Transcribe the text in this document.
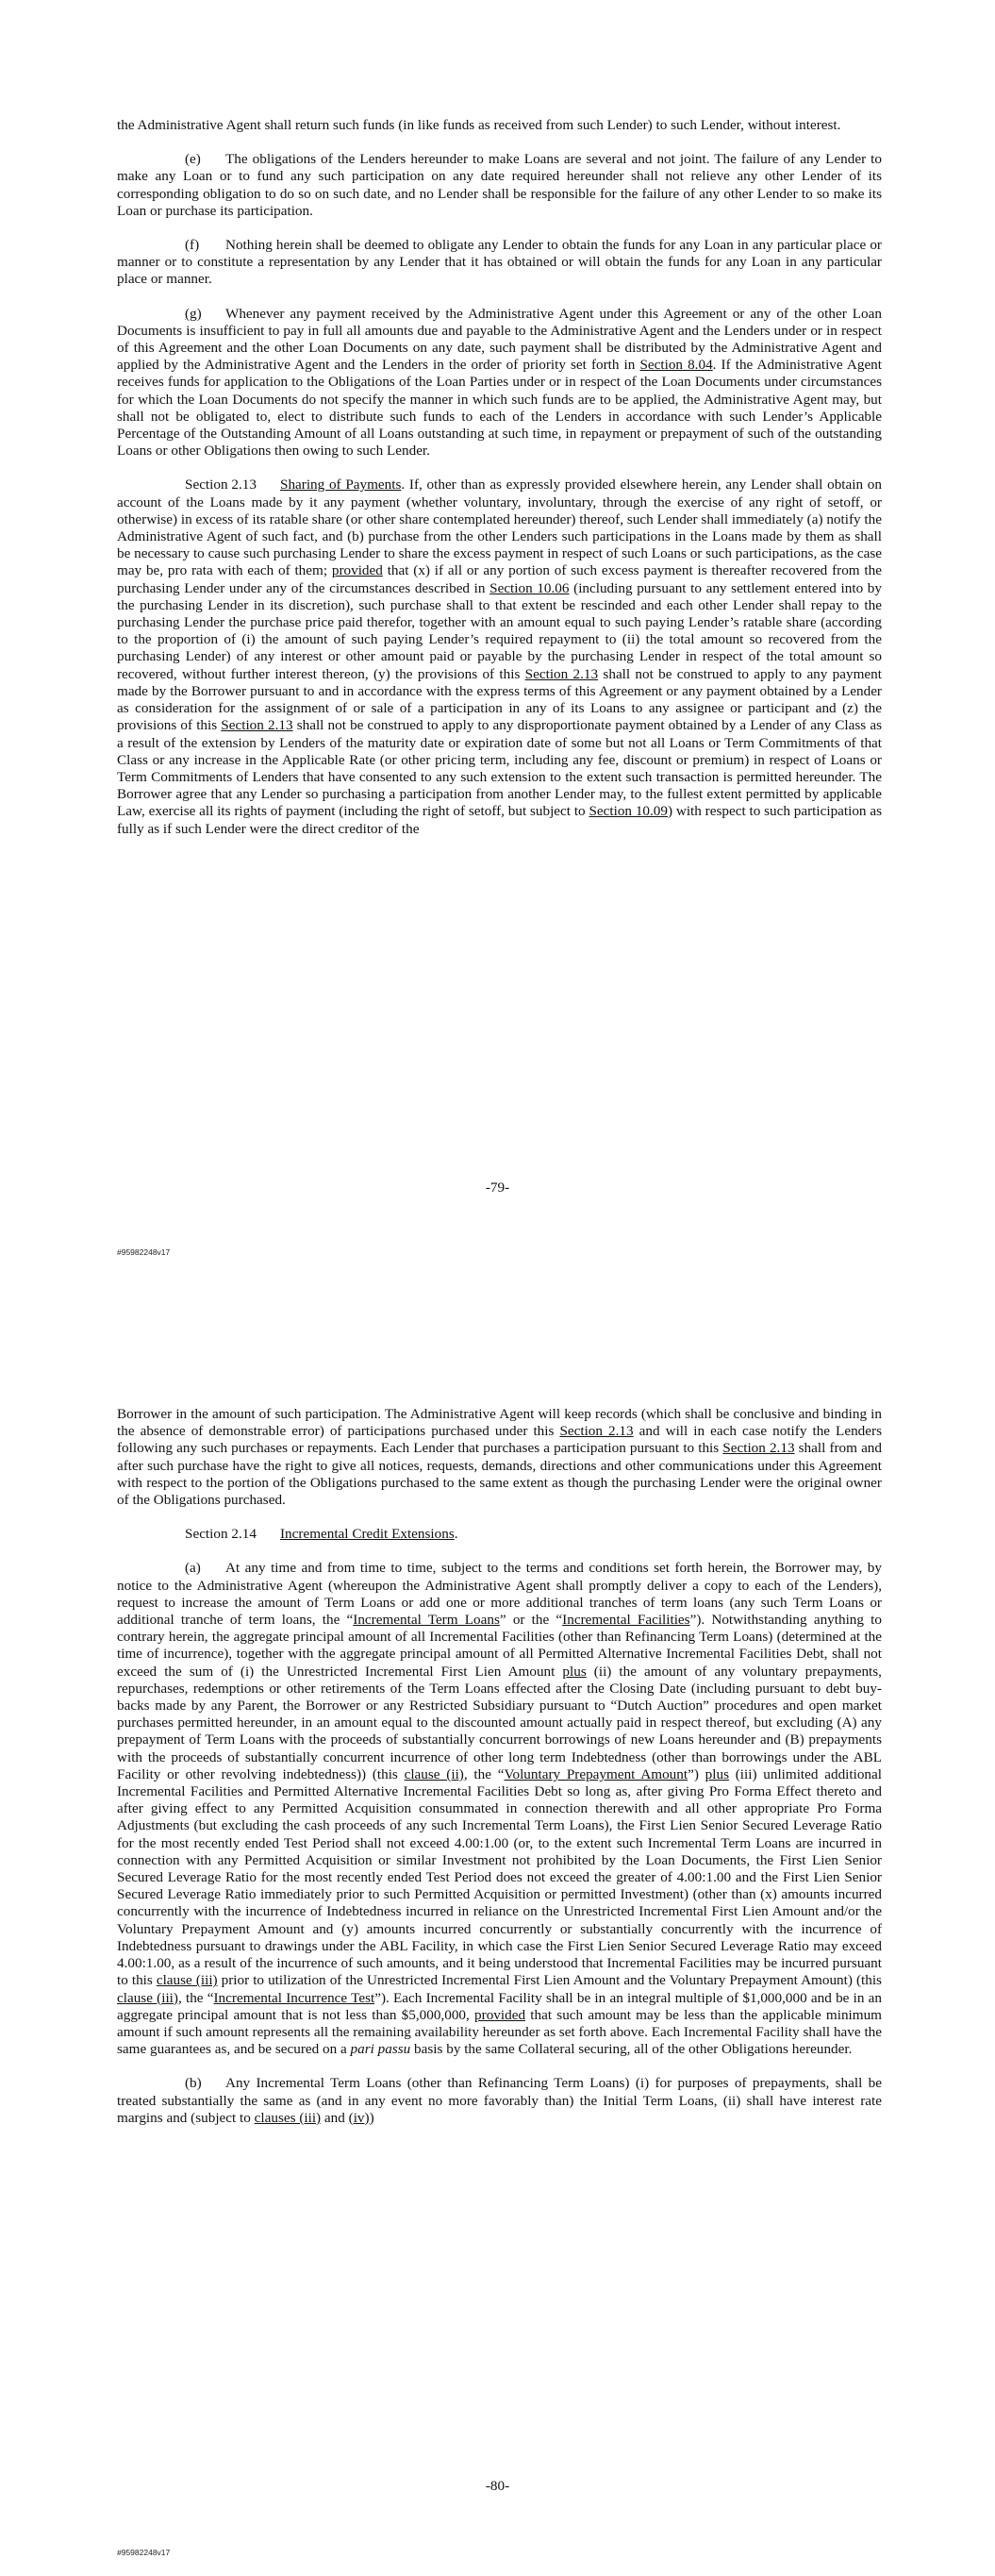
the Administrative Agent shall return such funds (in like funds as received from such Lender) to such Lender, without interest.

(e) The obligations of the Lenders hereunder to make Loans are several and not joint. The failure of any Lender to make any Loan or to fund any such participation on any date required hereunder shall not relieve any other Lender of its corresponding obligation to do so on such date, and no Lender shall be responsible for the failure of any other Lender to so make its Loan or purchase its participation.

(f) Nothing herein shall be deemed to obligate any Lender to obtain the funds for any Loan in any particular place or manner or to constitute a representation by any Lender that it has obtained or will obtain the funds for any Loan in any particular place or manner.

(g) Whenever any payment received by the Administrative Agent under this Agreement or any of the other Loan Documents is insufficient to pay in full all amounts due and payable to the Administrative Agent and the Lenders under or in respect of this Agreement and the other Loan Documents on any date, such payment shall be distributed by the Administrative Agent and applied by the Administrative Agent and the Lenders in the order of priority set forth in Section 8.04. If the Administrative Agent receives funds for application to the Obligations of the Loan Parties under or in respect of the Loan Documents under circumstances for which the Loan Documents do not specify the manner in which such funds are to be applied, the Administrative Agent may, but shall not be obligated to, elect to distribute such funds to each of the Lenders in accordance with such Lender’s Applicable Percentage of the Outstanding Amount of all Loans outstanding at such time, in repayment or prepayment of such of the outstanding Loans or other Obligations then owing to such Lender.

Section 2.13 Sharing of Payments. If, other than as expressly provided elsewhere herein, any Lender shall obtain on account of the Loans made by it any payment (whether voluntary, involuntary, through the exercise of any right of setoff, or otherwise) in excess of its ratable share (or other share contemplated hereunder) thereof, such Lender shall immediately (a) notify the Administrative Agent of such fact, and (b) purchase from the other Lenders such participations in the Loans made by them as shall be necessary to cause such purchasing Lender to share the excess payment in respect of such Loans or such participations, as the case may be, pro rata with each of them; provided that (x) if all or any portion of such excess payment is thereafter recovered from the purchasing Lender under any of the circumstances described in Section 10.06 (including pursuant to any settlement entered into by the purchasing Lender in its discretion), such purchase shall to that extent be rescinded and each other Lender shall repay to the purchasing Lender the purchase price paid therefor, together with an amount equal to such paying Lender’s ratable share (according to the proportion of (i) the amount of such paying Lender’s required repayment to (ii) the total amount so recovered from the purchasing Lender) of any interest or other amount paid or payable by the purchasing Lender in respect of the total amount so recovered, without further interest thereon, (y) the provisions of this Section 2.13 shall not be construed to apply to any payment made by the Borrower pursuant to and in accordance with the express terms of this Agreement or any payment obtained by a Lender as consideration for the assignment of or sale of a participation in any of its Loans to any assignee or participant and (z) the provisions of this Section 2.13 shall not be construed to apply to any disproportionate payment obtained by a Lender of any Class as a result of the extension by Lenders of the maturity date or expiration date of some but not all Loans or Term Commitments of that Class or any increase in the Applicable Rate (or other pricing term, including any fee, discount or premium) in respect of Loans or Term Commitments of Lenders that have consented to any such extension to the extent such transaction is permitted hereunder. The Borrower agree that any Lender so purchasing a participation from another Lender may, to the fullest extent permitted by applicable Law, exercise all its rights of payment (including the right of setoff, but subject to Section 10.09) with respect to such participation as fully as if such Lender were the direct creditor of the

-79-
#95982248v17

Borrower in the amount of such participation. The Administrative Agent will keep records (which shall be conclusive and binding in the absence of demonstrable error) of participations purchased under this Section 2.13 and will in each case notify the Lenders following any such purchases or repayments. Each Lender that purchases a participation pursuant to this Section 2.13 shall from and after such purchase have the right to give all notices, requests, demands, directions and other communications under this Agreement with respect to the portion of the Obligations purchased to the same extent as though the purchasing Lender were the original owner of the Obligations purchased.

Section 2.14 Incremental Credit Extensions.

(a) At any time and from time to time, subject to the terms and conditions set forth herein, the Borrower may, by notice to the Administrative Agent (whereupon the Administrative Agent shall promptly deliver a copy to each of the Lenders), request to increase the amount of Term Loans or add one or more additional tranches of term loans (any such Term Loans or additional tranche of term loans, the “Incremental Term Loans” or the “Incremental Facilities”). Notwithstanding anything to contrary herein, the aggregate principal amount of all Incremental Facilities (other than Refinancing Term Loans) (determined at the time of incurrence), together with the aggregate principal amount of all Permitted Alternative Incremental Facilities Debt, shall not exceed the sum of (i) the Unrestricted Incremental First Lien Amount plus (ii) the amount of any voluntary prepayments, repurchases, redemptions or other retirements of the Term Loans effected after the Closing Date (including pursuant to debt buy-backs made by any Parent, the Borrower or any Restricted Subsidiary pursuant to “Dutch Auction” procedures and open market purchases permitted hereunder, in an amount equal to the discounted amount actually paid in respect thereof, but excluding (A) any prepayment of Term Loans with the proceeds of substantially concurrent borrowings of new Loans hereunder and (B) prepayments with the proceeds of substantially concurrent incurrence of other long term Indebtedness (other than borrowings under the ABL Facility or other revolving indebtedness)) (this clause (ii), the “Voluntary Prepayment Amount”) plus (iii) unlimited additional Incremental Facilities and Permitted Alternative Incremental Facilities Debt so long as, after giving Pro Forma Effect thereto and after giving effect to any Permitted Acquisition consummated in connection therewith and all other appropriate Pro Forma Adjustments (but excluding the cash proceeds of any such Incremental Term Loans), the First Lien Senior Secured Leverage Ratio for the most recently ended Test Period shall not exceed 4.00:1.00 (or, to the extent such Incremental Term Loans are incurred in connection with any Permitted Acquisition or similar Investment not prohibited by the Loan Documents, the First Lien Senior Secured Leverage Ratio for the most recently ended Test Period does not exceed the greater of 4.00:1.00 and the First Lien Senior Secured Leverage Ratio immediately prior to such Permitted Acquisition or permitted Investment) (other than (x) amounts incurred concurrently with the incurrence of Indebtedness incurred in reliance on the Unrestricted Incremental First Lien Amount and/or the Voluntary Prepayment Amount and (y) amounts incurred concurrently or substantially concurrently with the incurrence of Indebtedness pursuant to drawings under the ABL Facility, in which case the First Lien Senior Secured Leverage Ratio may exceed 4.00:1.00, as a result of the incurrence of such amounts, and it being understood that Incremental Facilities may be incurred pursuant to this clause (iii) prior to utilization of the Unrestricted Incremental First Lien Amount and the Voluntary Prepayment Amount) (this clause (iii), the “Incremental Incurrence Test”). Each Incremental Facility shall be in an integral multiple of $1,000,000 and be in an aggregate principal amount that is not less than $5,000,000, provided that such amount may be less than the applicable minimum amount if such amount represents all the remaining availability hereunder as set forth above. Each Incremental Facility shall have the same guarantees as, and be secured on a pari passu basis by the same Collateral securing, all of the other Obligations hereunder.

(b) Any Incremental Term Loans (other than Refinancing Term Loans) (i) for purposes of prepayments, shall be treated substantially the same as (and in any event no more favorably than) the Initial Term Loans, (ii) shall have interest rate margins and (subject to clauses (iii) and (iv))

-80-
#95982248v17
